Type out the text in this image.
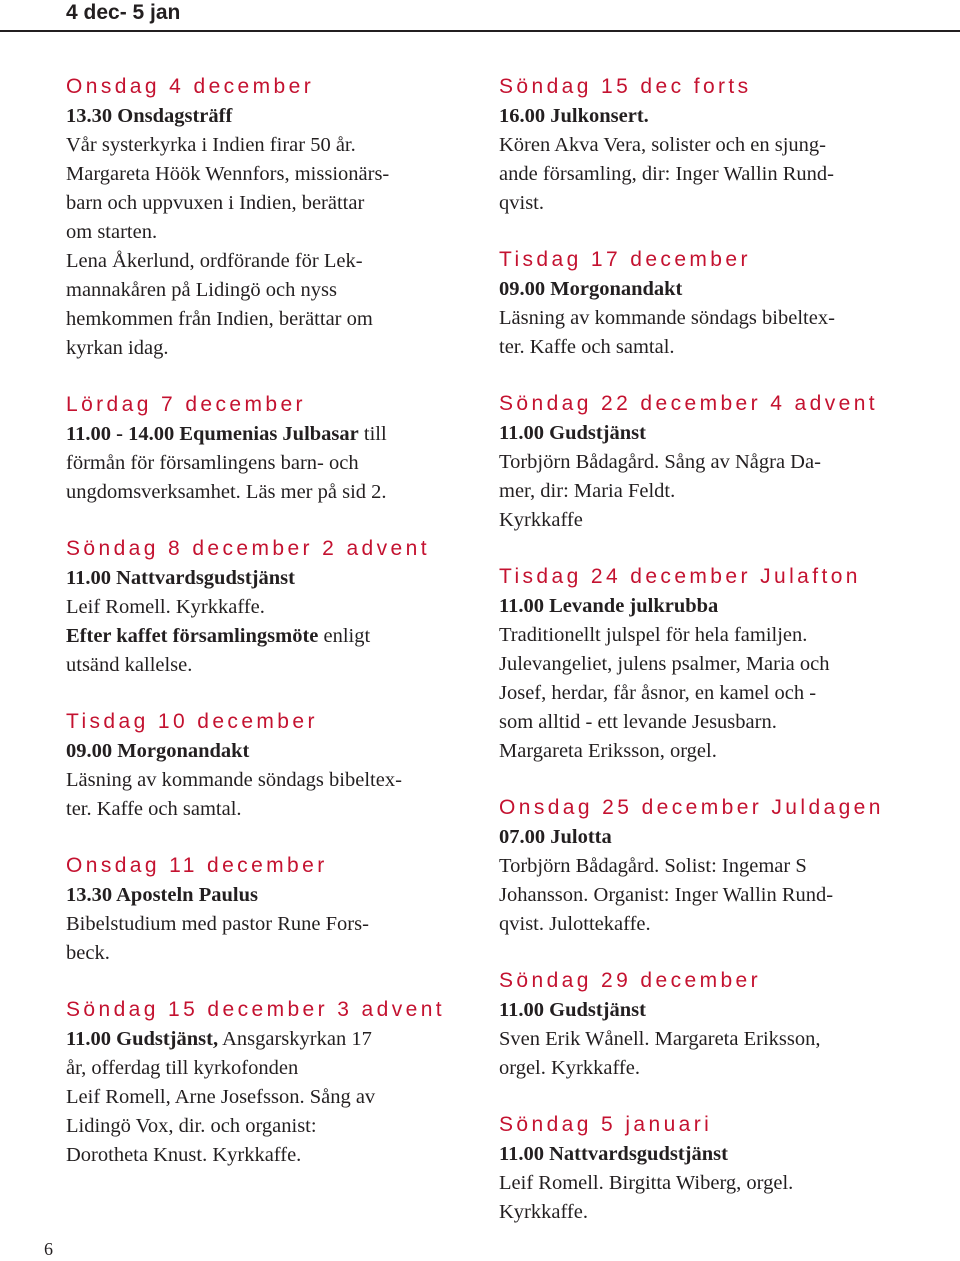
4 dec- 5 jan
Onsdag 4 december
13.30 Onsdagsträff
Vår systerkyrka i Indien firar 50 år.
Margareta Höök Wennfors, missionärs-
barn och uppvuxen i Indien, berättar
om starten.
Lena Åkerlund, ordförande för Lek-
mannakåren på Lidingö och nyss
hemkommen från Indien, berättar om
kyrkan idag.
Lördag 7 december
11.00 - 14.00 Equmenias Julbasar till
förmån för församlingens barn- och
ungdomsverksamhet. Läs mer på sid 2.
Söndag 8 december 2 advent
11.00 Nattvardsgudstjänst
Leif Romell. Kyrkkaffe.
Efter kaffet församlingsmöte enligt
utsänd kallelse.
Tisdag 10 december
09.00 Morgonandakt
Läsning av kommande söndags bibeltex-
ter. Kaffe och samtal.
Onsdag 11 december
13.30 Aposteln Paulus
Bibelstudium med pastor Rune Fors-
beck.
Söndag 15 december 3 advent
11.00 Gudstjänst, Ansgarskyrkan 17
år, offerdag till kyrkofonden
Leif Romell, Arne Josefsson. Sång av
Lidingö Vox, dir. och organist:
Dorotheta Knust. Kyrkkaffe.
Söndag 15 dec forts
16.00 Julkonsert.
Kören Akva Vera, solister och en sjung-
ande församling, dir: Inger Wallin Rund-
qvist.
Tisdag 17 december
09.00 Morgonandakt
Läsning av kommande söndags bibeltex-
ter. Kaffe och samtal.
Söndag 22 december 4 advent
11.00 Gudstjänst
Torbjörn Bådagård. Sång av Några Da-
mer, dir: Maria Feldt.
Kyrkkaffe
Tisdag 24 december Julafton
11.00 Levande julkrubba
Traditionellt julspel för hela familjen.
Julevangeliet, julens psalmer, Maria och
Josef, herdar, får åsnor, en kamel och -
som alltid - ett levande Jesusbarn.
Margareta Eriksson, orgel.
Onsdag 25 december Juldagen
07.00 Julotta
Torbjörn Bådagård. Solist: Ingemar S
Johansson. Organist: Inger Wallin Rund-
qvist. Julottekaffe.
Söndag 29 december
11.00 Gudstjänst
Sven Erik Wånell. Margareta Eriksson,
orgel. Kyrkkaffe.
Söndag 5 januari
11.00 Nattvardsgudstjänst
Leif Romell. Birgitta Wiberg, orgel.
Kyrkkaffe.
6
